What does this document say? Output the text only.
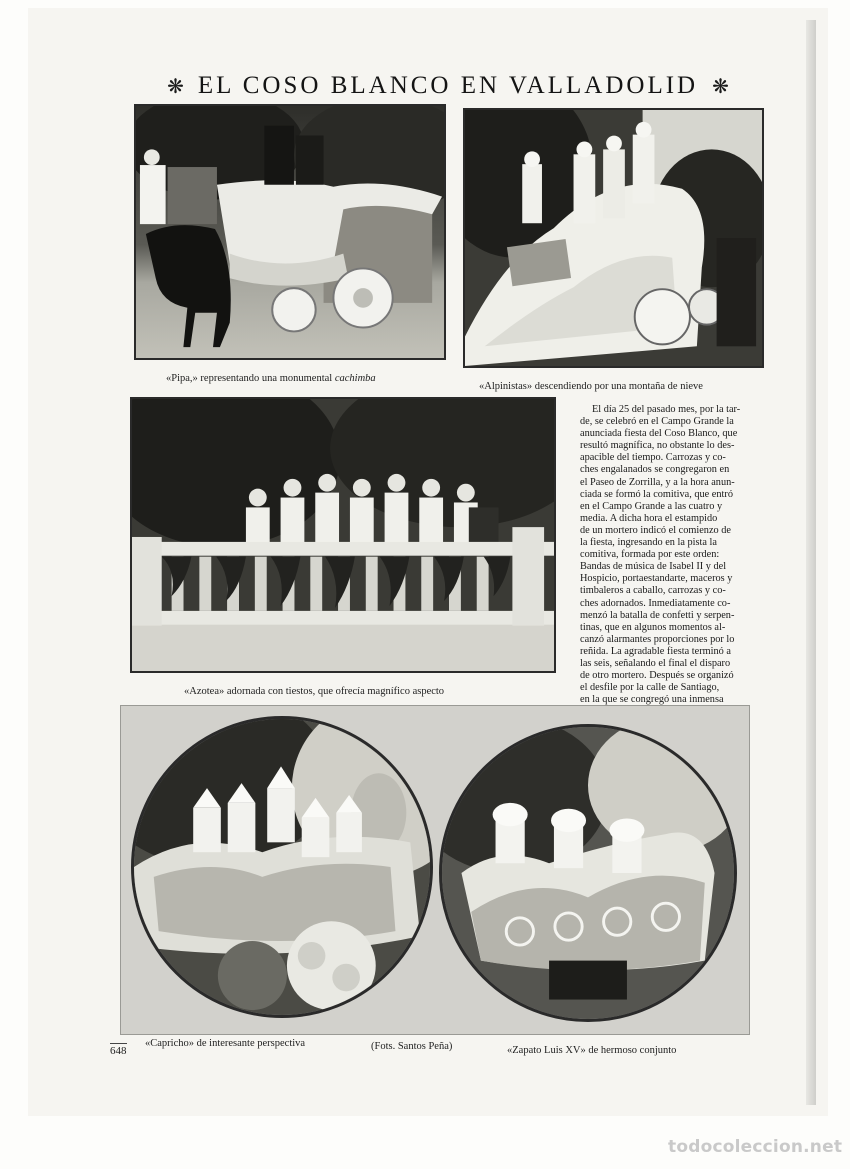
❋ EL COSO BLANCO EN VALLADOLID ❋
«Pipa,» representando una monumental cachimba
«Alpinistas» descendiendo por una montaña de nieve
«Azotea» adornada con tiestos, que ofrecía magnífico aspecto
El día 25 del pasado mes, por la tar-
de, se celebró en el Campo Grande la
anunciada fiesta del Coso Blanco, que
resultó magnífica, no obstante lo des-
apacible del tiempo. Carrozas y co-
ches engalanados se congregaron en
el Paseo de Zorrilla, y a la hora anun-
ciada se formó la comitiva, que entró
en el Campo Grande a las cuatro y
media. A dicha hora el estampido
de un mortero indicó el comienzo de
la fiesta, ingresando en la pista la
comitiva, formada por este orden:
Bandas de música de Isabel II y del
Hospicio, portaestandarte, maceros y
timbaleros a caballo, carrozas y co-
ches adornados. Inmediatamente co-
menzó la batalla de confetti y serpen-
tinas, que en algunos momentos al-
canzó alarmantes proporciones por lo
reñida. La agradable fiesta terminó a
las seis, señalando el final el disparo
de otro mortero. Después se organizó
el desfile por la calle de Santiago,
en la que se congregó una inmensa
648
«Capricho» de interesante perspectiva	(Fots. Santos Peña)	«Zapato Luis XV» de hermoso conjunto
todocoleccion.net
